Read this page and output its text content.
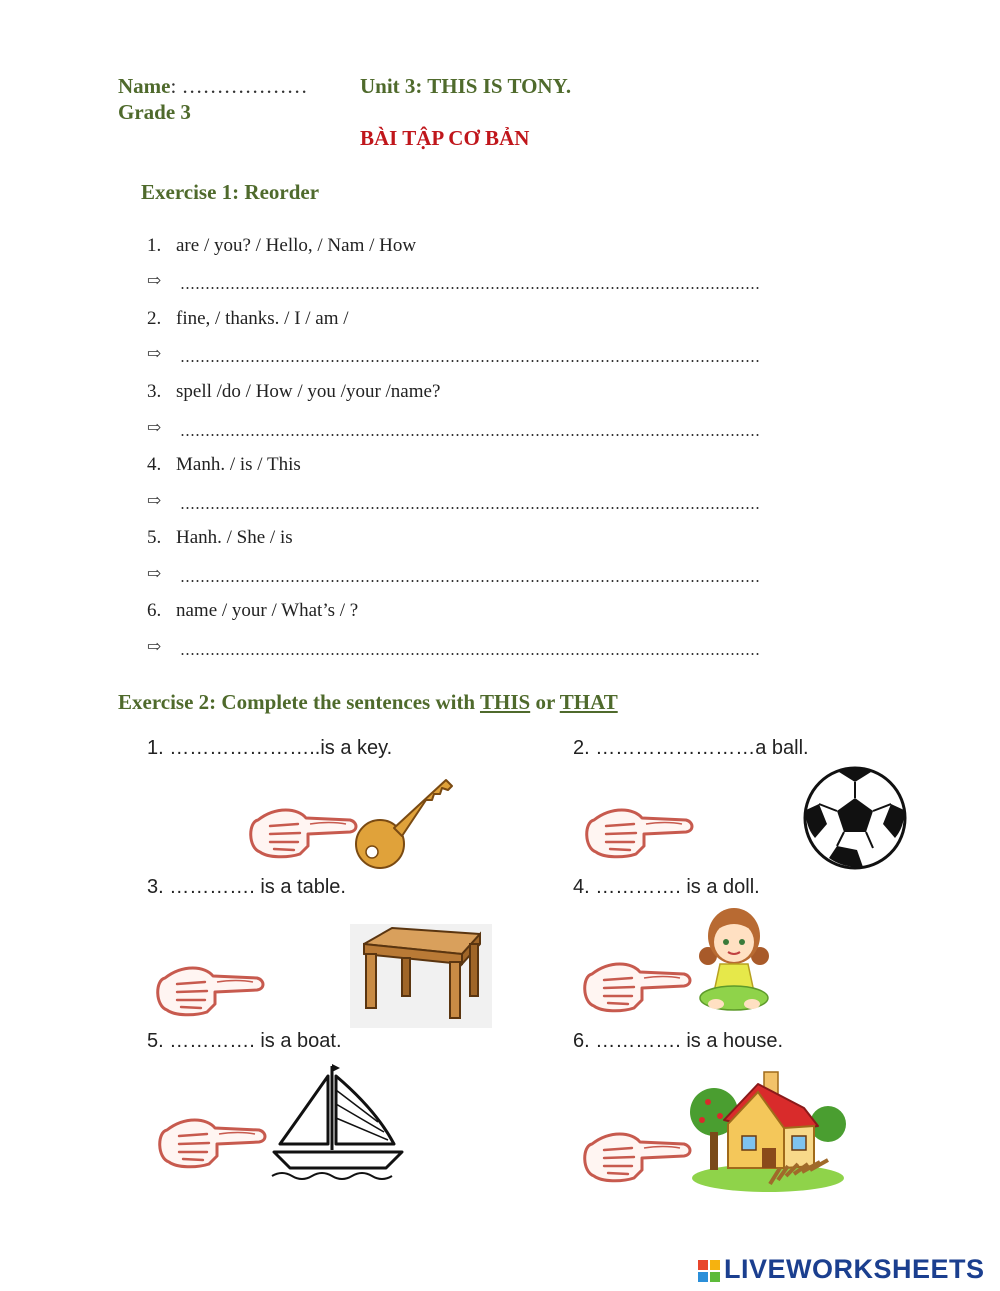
Name: ………………
Grade 3
Unit 3: THIS IS TONY.
BÀI TẬP CƠ BẢN
Exercise 1: Reorder
1. are / you? / Hello, / Nam / How
⇨
2. fine, / thanks. / I / am /
⇨
3. spell /do / How / you /your /name?
⇨
4. Manh. / is / This
⇨
5. Hanh. / She / is
⇨
6. name / your / What’s / ?
⇨
Exercise 2: Complete the sentences with THIS or THAT
1. …………………..is a key.	2. ……………………a ball.
3. …………. is a table.	4. …………. is a doll.
5. …………. is a boat.	6. …………. is a house.
LIVEWORKSHEETS
